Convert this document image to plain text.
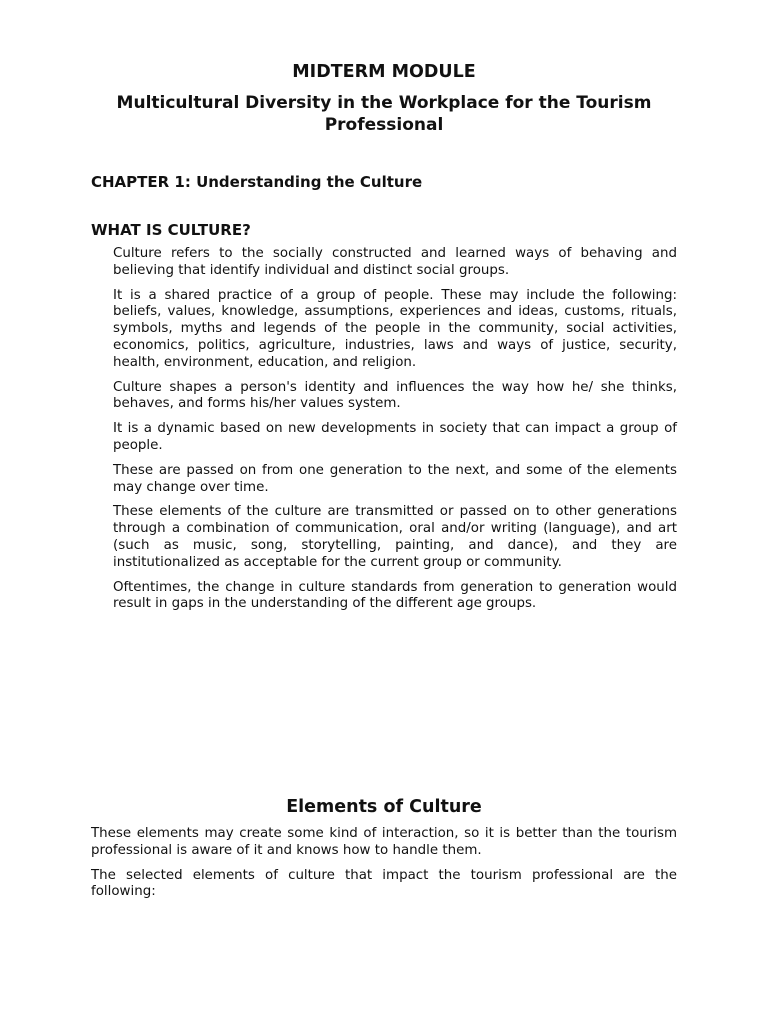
MIDTERM MODULE
Multicultural Diversity in the Workplace for the Tourism Professional
CHAPTER 1: Understanding the Culture
WHAT IS CULTURE?

Culture refers to the socially constructed and learned ways of behaving and believing that identify individual and distinct social groups.

It is a shared practice of a group of people. These may include the following: beliefs, values, knowledge, assumptions, experiences and ideas, customs, rituals, symbols, myths and legends of the people in the community, social activities, economics, politics, agriculture, industries, laws and ways of justice, security, health, environment, education, and religion.

Culture shapes a person's identity and influences the way how he/ she thinks, behaves, and forms his/her values system.

It is a dynamic based on new developments in society that can impact a group of people.

These are passed on from one generation to the next, and some of the elements may change over time.

These elements of the culture are transmitted or passed on to other generations through a combination of communication, oral and/or writing (language), and art (such as music, song, storytelling, painting, and dance), and they are institutionalized as acceptable for the current group or community.

Oftentimes, the change in culture standards from generation to generation would result in gaps in the understanding of the different age groups.

Elements of Culture

These elements may create some kind of interaction, so it is better than the tourism professional is aware of it and knows how to handle them.

The selected elements of culture that impact the tourism professional are the following:
